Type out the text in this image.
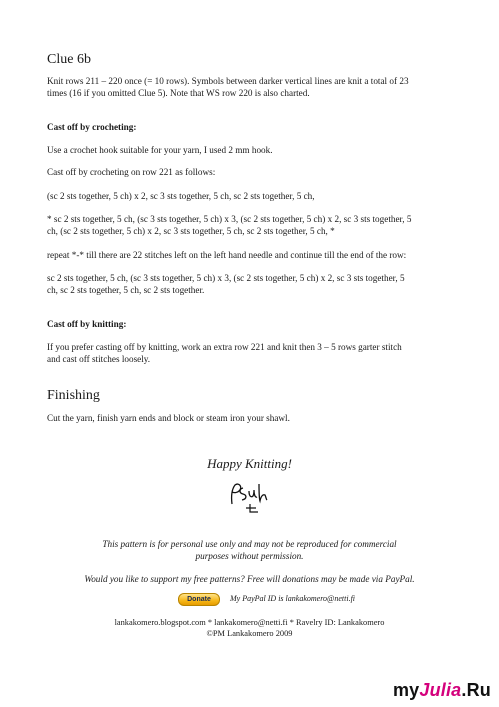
Clue 6b
Knit rows 211 – 220 once (= 10 rows). Symbols between darker vertical lines are knit a total of 23
times (16 if you omitted Clue 5). Note that WS row 220 is also charted.
Cast off by crocheting:
Use a crochet hook suitable for your yarn, I used 2 mm hook.
Cast off by crocheting on row 221 as follows:
(sc 2 sts together, 5 ch) x 2, sc 3 sts together, 5 ch, sc 2 sts together, 5 ch,
* sc 2 sts together, 5 ch, (sc 3 sts together, 5 ch) x 3, (sc 2 sts together, 5 ch) x 2, sc 3 sts together, 5
ch, (sc 2 sts together, 5 ch) x 2, sc 3 sts together, 5 ch, sc 2 sts together, 5 ch, *
repeat *-* till there are 22 stitches left on the left hand needle and continue till the end of the row:
sc 2 sts together, 5 ch, (sc 3 sts together, 5 ch) x 3, (sc 2 sts together, 5 ch) x 2, sc 3 sts together, 5
ch, sc 2 sts together, 5 ch, sc 2 sts together.
Cast off by knitting:
If you prefer casting off by knitting, work an extra row 221 and knit then 3 – 5 rows garter stitch
and cast off stitches loosely.
Finishing
Cut the yarn, finish yarn ends and block or steam iron your shawl.
Happy Knitting!
This pattern is for personal use only and may not be reproduced for commercial
purposes without permission.
Would you like to support my free patterns? Free will donations may be made via PayPal.
Donate	My PayPal ID is lankakomero@netti.fi
lankakomero.blogspot.com * lankakomero@netti.fi * Ravelry ID: Lankakomero
©PM Lankakomero 2009
myJulia.Ru
